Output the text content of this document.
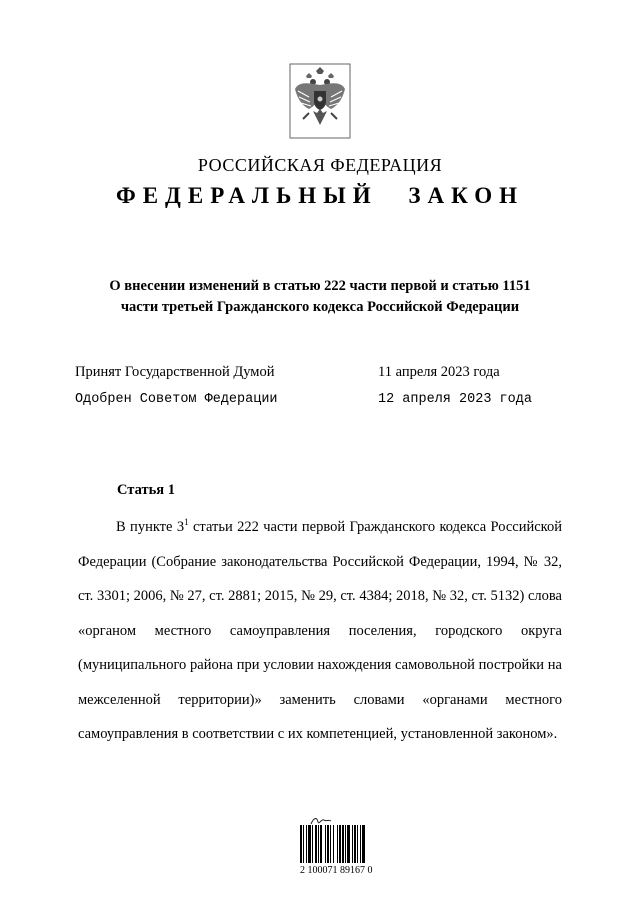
РОССИЙСКАЯ ФЕДЕРАЦИЯ
ФЕДЕРАЛЬНЫЙ ЗАКОН
О внесении изменений в статью 222 части первой и статью 1151
части третьей Гражданского кодекса Российской Федерации
Принят Государственной Думой	11 апреля 2023 года
Одобрен Советом Федерации	12 апреля 2023 года
Статья 1
В пункте $3^1$ статьи 222 части первой Гражданского кодекса Российской Федерации (Собрание законодательства Российской Федерации, 1994, № 32, ст. 3301; 2006, № 27, ст. 2881; 2015, № 29, ст. 4384; 2018, № 32, ст. 5132) слова «органом местного самоуправления поселения, городского округа (муниципального района при условии нахождения самовольной постройки на межселенной территории)» заменить словами «органами местного самоуправления в соответствии с их компетенцией, установленной законом».
2 100071 89167 0
